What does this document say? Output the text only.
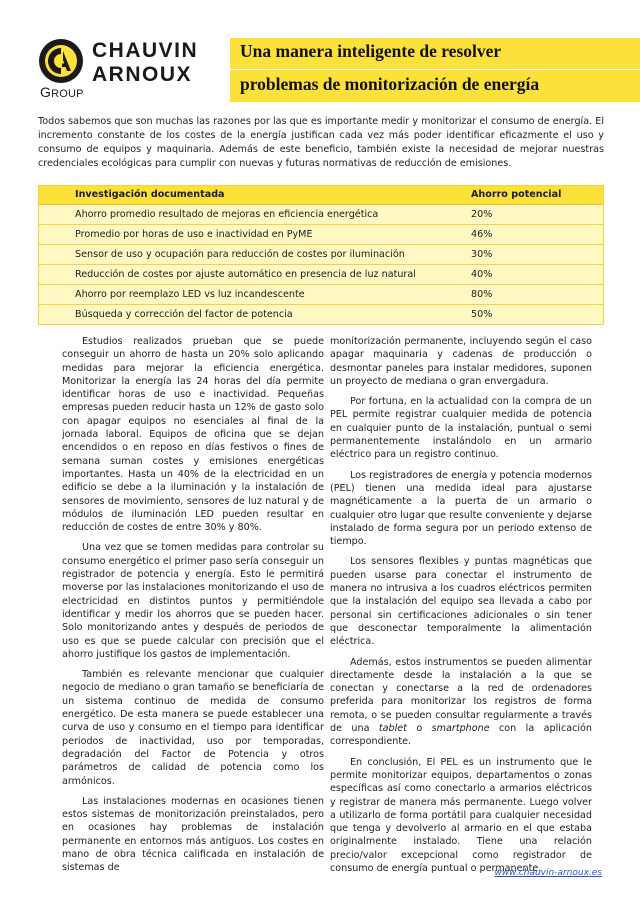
CHAUVIN
ARNOUX
GROUP
Una manera inteligente de resolver
problemas de monitorización de energía
Todos sabemos que son muchas las razones por las que es importante medir y monitorizar el consumo de energía. El incremento constante de los costes de la energía justifican cada vez más poder identificar eficazmente el uso y consumo de equipos y maquinaria. Además de este beneficio, también existe la necesidad de mejorar nuestras credenciales ecológicas para cumplir con nuevas y futuras normativas de reducción de emisiones.
Investigación documentada	Ahorro potencial
Ahorro promedio resultado de mejoras en eficiencia energética	20%
Promedio por horas de uso e inactividad en PyME	46%
Sensor de uso y ocupación para reducción de costes por iluminación	30%
Reducción de costes por ajuste automático en presencia de luz natural	40%
Ahorro por reemplazo LED vs luz incandescente	80%
Búsqueda y corrección del factor de potencia	50%

Estudios realizados prueban que se puede conseguir un ahorro de hasta un 20% solo aplicando medidas para mejorar la eficiencia energética. Monitorizar la energía las 24 horas del día permite identificar horas de uso e inactividad. Pequeñas empresas pueden reducir hasta un 12% de gasto solo con apagar equipos no esenciales al final de la jornada laboral. Equipos de oficina que se dejan encendidos o en reposo en días festivos o fines de semana suman costes y emisiones energéticas importantes. Hasta un 40% de la electricidad en un edificio se debe a la iluminación y la instalación de sensores de movimiento, sensores de luz natural y de módulos de iluminación LED pueden resultar en reducción de costes de entre 30% y 80%.

Una vez que se tomen medidas para controlar su consumo energético el primer paso sería conseguir un registrador de potencia y energía. Esto le permitirá moverse por las instalaciones monitorizando el uso de electricidad en distintos puntos y permitiéndole identificar y medir los ahorros que se pueden hacer. Solo monitorizando antes y después de periodos de uso es que se puede calcular con precisión que el ahorro justifique los gastos de implementación.

También es relevante mencionar que cualquier negocio de mediano o gran tamaño se beneficiaría de un sistema continuo de medida de consumo energético. De esta manera se puede establecer una curva de uso y consumo en el tiempo para identificar periodos de inactividad, uso por temporadas, degradación del Factor de Potencia y otros parámetros de calidad de potencia como los armónicos.

Las instalaciones modernas en ocasiones tienen estos sistemas de monitorización preinstalados, pero en ocasiones hay problemas de instalación permanente en entornos más antiguos. Los costes en mano de obra técnica calificada en instalación de sistemas de

monitorización permanente, incluyendo según el caso apagar maquinaria y cadenas de producción o desmontar paneles para instalar medidores, suponen un proyecto de mediana o gran envergadura.

Por fortuna, en la actualidad con la compra de un PEL permite registrar cualquier medida de potencia en cualquier punto de la instalación, puntual o semi permanentemente instalándolo en un armario eléctrico para un registro continuo.

Los registradores de energía y potencia modernos (PEL) tienen una medida ideal para ajustarse magnéticamente a la puerta de un armario o cualquier otro lugar que resulte conveniente y dejarse instalado de forma segura por un periodo extenso de tiempo.

Los sensores flexibles y puntas magnéticas que pueden usarse para conectar el instrumento de manera no intrusiva a los cuadros eléctricos permiten que la instalación del equipo sea llevada a cabo por personal sin certificaciones adicionales o sin tener que desconectar temporalmente la alimentación eléctrica.

Además, estos instrumentos se pueden alimentar directamente desde la instalación a la que se conectan y conectarse a la red de ordenadores preferida para monitorizar los registros de forma remota, o se pueden consultar regularmente a través de una tablet o smartphone con la aplicación correspondiente.

En conclusión, El PEL es un instrumento que le permite monitorizar equipos, departamentos o zonas específicas así como conectarlo a armarios eléctricos y registrar de manera más permanente. Luego volver a utilizarlo de forma portátil para cualquier necesidad que tenga y devolverlo al armario en el que estaba originalmente instalado. Tiene una relación precio/valor excepcional como registrador de consumo de energía puntual o permanente.

www.chauvin-arnoux.es
